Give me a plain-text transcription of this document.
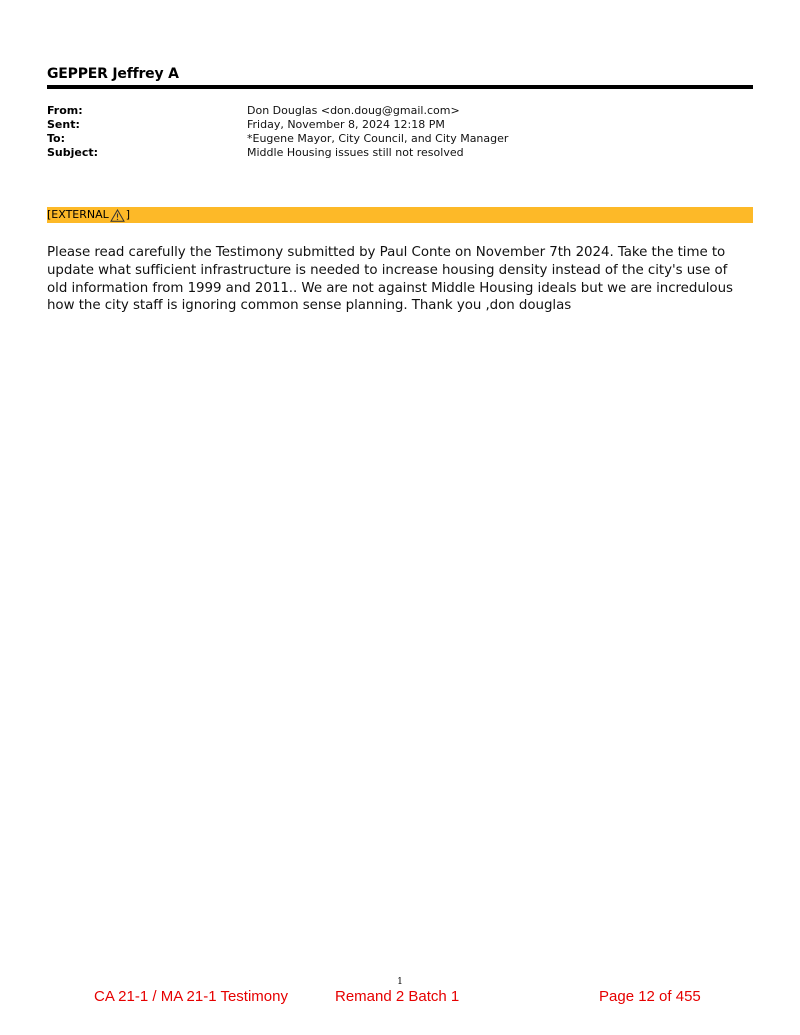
GEPPER Jeffrey A
From:	Don Douglas <don.doug@gmail.com>
Sent:	Friday, November 8, 2024 12:18 PM
To:	*Eugene Mayor, City Council, and City Manager
Subject:	Middle Housing issues still not resolved
[EXTERNAL ]
Please read carefully the Testimony submitted by Paul Conte on November 7th 2024. Take the time to
update what sufficient infrastructure is needed to increase housing density instead of the city's use of
old information from 1999 and 2011.. We are not against Middle Housing ideals but we are incredulous
how the city staff is ignoring common sense planning. Thank you ,don douglas
1
CA 21-1 / MA 21-1 Testimony	Remand 2 Batch 1	Page 12 of 455
